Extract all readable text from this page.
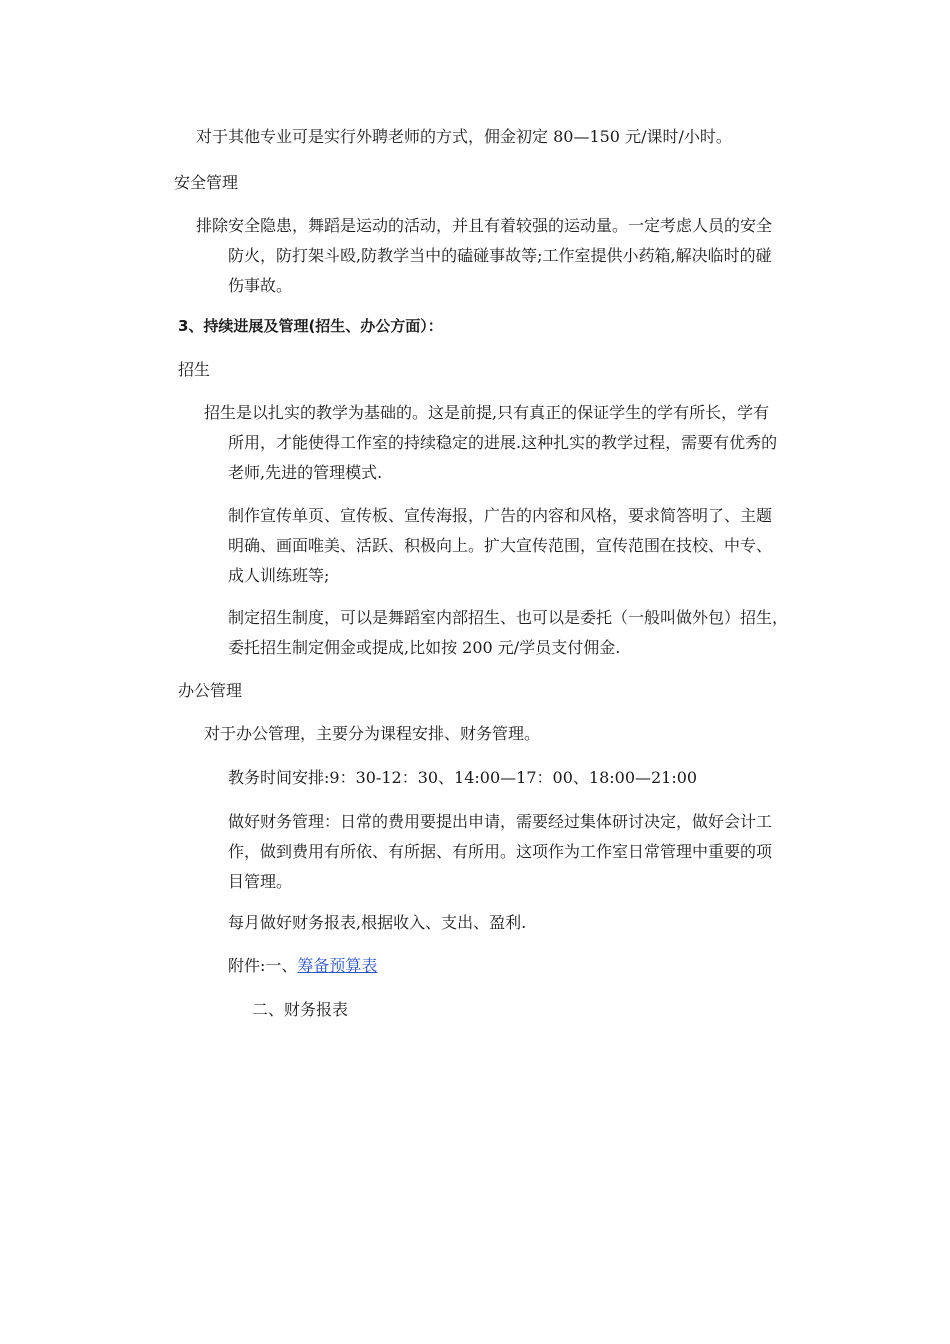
对于其他专业可是实行外聘老师的方式，佣金初定 80—150 元/课时/小时。
安全管理
排除安全隐患，舞蹈是运动的活动，并且有着较强的运动量。一定考虑人员的安全
防火，防打架斗殴,防教学当中的磕碰事故等;工作室提供小药箱,解决临时的碰
伤事故。
3、持续进展及管理(招生、办公方面）：
招生
招生是以扎实的教学为基础的。这是前提,只有真正的保证学生的学有所长，学有
所用，才能使得工作室的持续稳定的进展.这种扎实的教学过程，需要有优秀的
老师,先进的管理模式.
制作宣传单页、宣传板、宣传海报，广告的内容和风格，要求简答明了、主题
明确、画面唯美、活跃、积极向上。扩大宣传范围，宣传范围在技校、中专、
成人训练班等;
制定招生制度，可以是舞蹈室内部招生、也可以是委托（一般叫做外包）招生，
委托招生制定佣金或提成,比如按 200 元/学员支付佣金.
办公管理
对于办公管理，主要分为课程安排、财务管理。
教务时间安排:9：30-12：30、14:00—17：00、18:00—21:00
做好财务管理：日常的费用要提出申请，需要经过集体研讨决定，做好会计工
作，做到费用有所依、有所据、有所用。这项作为工作室日常管理中重要的项
目管理。
每月做好财务报表,根据收入、支出、盈利.
附件:一、筹备预算表
二、财务报表
